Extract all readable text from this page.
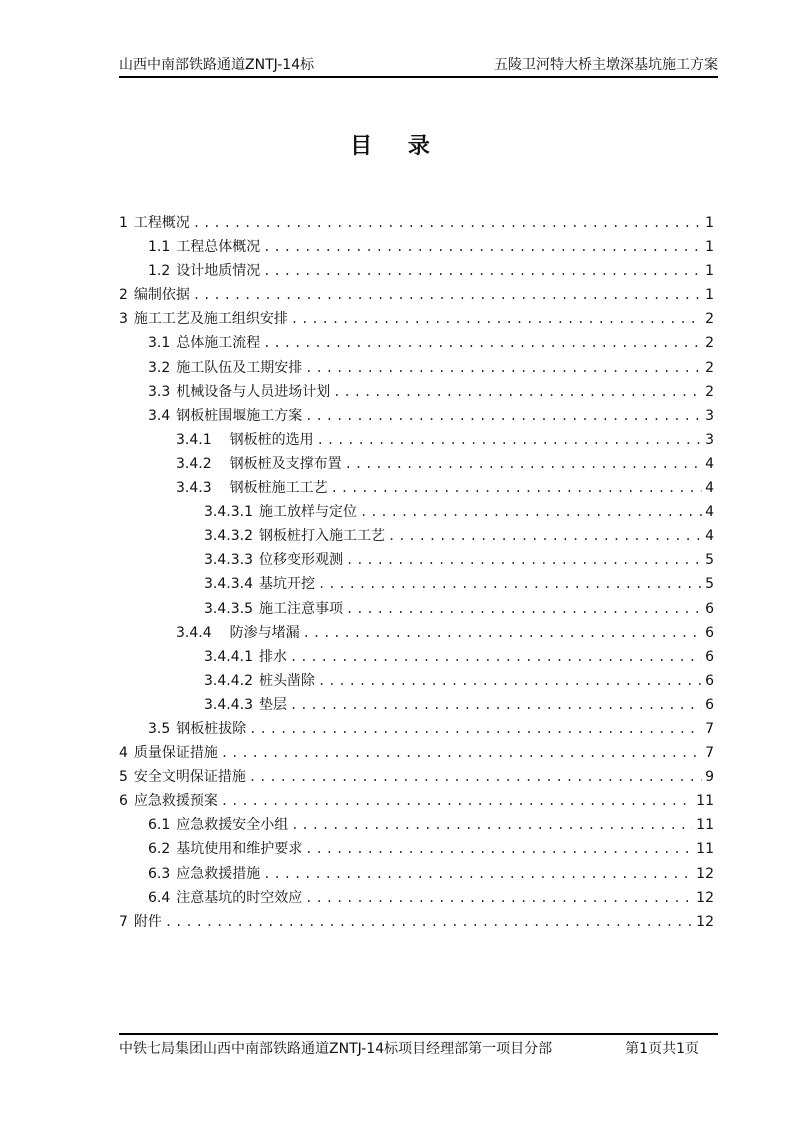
山西中南部铁路通道ZNTJ-14标	五陵卫河特大桥主墩深基坑施工方案
目 录
1 工程概况 .....	1
1.1 工程总体概况 .....	1
1.2 设计地质情况 .....	1
2 编制依据 .....	1
3 施工工艺及施工组织安排 .....	2
3.1 总体施工流程 .....	2
3.2 施工队伍及工期安排 .....	2
3.3 机械设备与人员进场计划 .....	2
3.4 钢板桩围堰施工方案 .....	3
3.4.1 钢板桩的选用 .....	3
3.4.2 钢板桩及支撑布置 .....	4
3.4.3 钢板桩施工工艺 .....	4
3.4.3.1 施工放样与定位 .....	4
3.4.3.2 钢板桩打入施工工艺 .....	4
3.4.3.3 位移变形观测 .....	5
3.4.3.4 基坑开挖 .....	5
3.4.3.5 施工注意事项 .....	6
3.4.4 防渗与堵漏 .....	6
3.4.4.1 排水 .....	6
3.4.4.2 桩头凿除 .....	6
3.4.4.3 垫层 .....	6
3.5 钢板桩拔除 .....	7
4 质量保证措施 .....	7
5 安全文明保证措施 .....	9
6 应急救援预案 .....	11
6.1 应急救援安全小组 .....	11
6.2 基坑使用和维护要求 .....	11
6.3 应急救援措施 .....	12
6.4 注意基坑的时空效应 .....	12
7 附件 .....	12
中铁七局集团山西中南部铁路通道ZNTJ-14标项目经理部第一项目分部	第1页共1页
